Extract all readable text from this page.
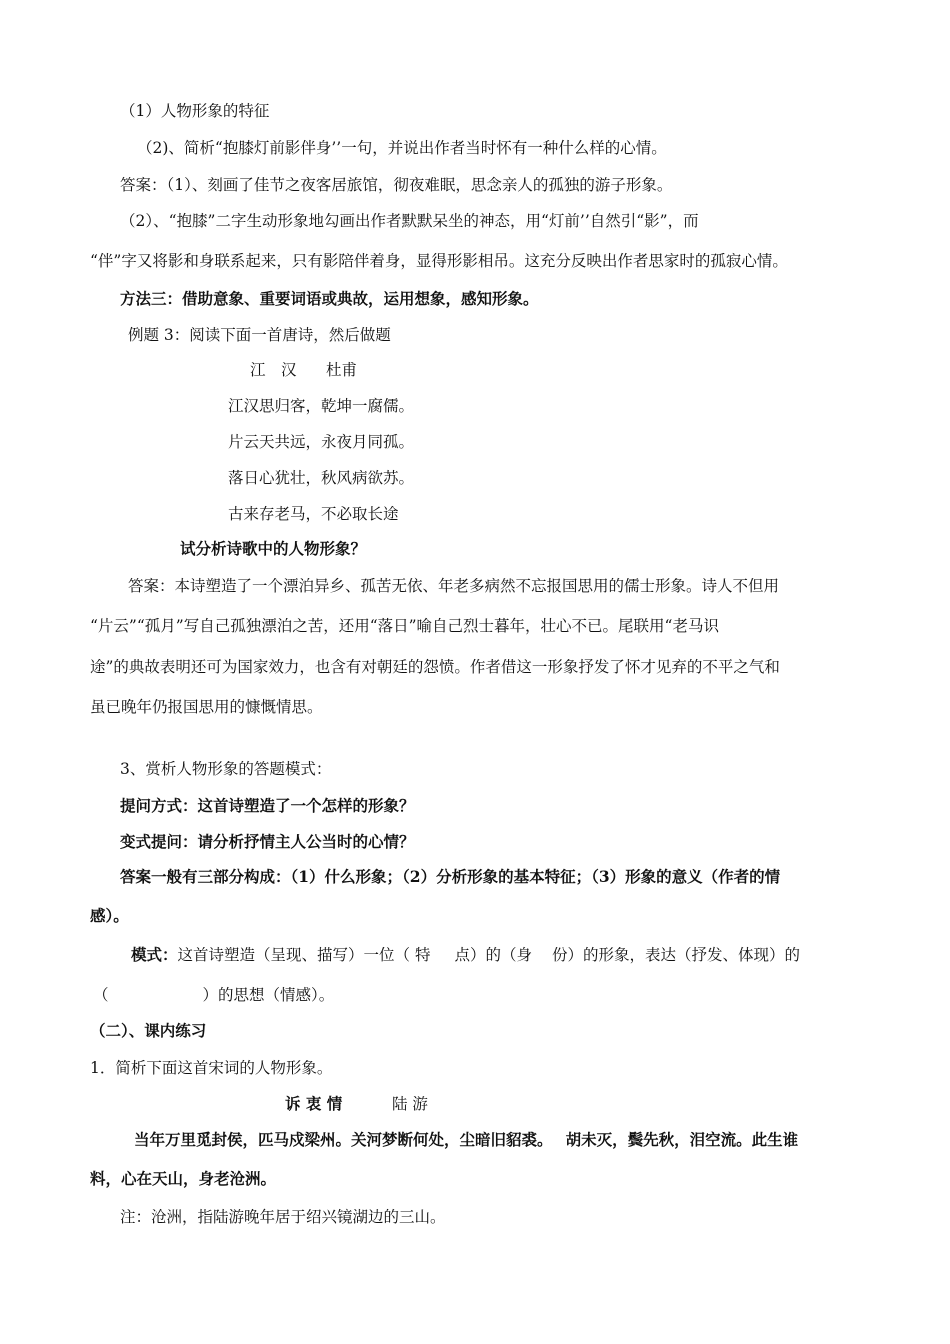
（1）人物形象的特征
（2)、简析“抱膝灯前影伴身’’一句，并说出作者当时怀有一种什么样的心情。
答案：（1）、刻画了佳节之夜客居旅馆，彻夜难眠，思念亲人的孤独的游子形象。
（2）、“抱膝”二字生动形象地勾画出作者默默呆坐的神态，用“灯前’’自然引“影”，而
“伴”字又将影和身联系起来，只有影陪伴着身，显得形影相吊。这充分反映出作者思家时的孤寂心情。
方法三：借助意象、重要词语或典故，运用想象，感知形象。
例题 3：阅读下面一首唐诗，然后做题
江　汉 杜甫
江汉思归客，乾坤一腐儒。
片云天共远，永夜月同孤。
落日心犹壮，秋风病欲苏。
古来存老马，不必取长途
试分析诗歌中的人物形象？
答案：本诗塑造了一个漂泊异乡、孤苦无依、年老多病然不忘报国思用的儒士形象。诗人不但用
“片云”“孤月”写自己孤独漂泊之苦，还用“落日”喻自己烈士暮年，壮心不已。尾联用“老马识
途”的典故表明还可为国家效力，也含有对朝廷的怨愤。作者借这一形象抒发了怀才见弃的不平之气和
虽已晚年仍报国思用的慷慨情思。
3、赏析人物形象的答题模式：
提问方式：这首诗塑造了一个怎样的形象？
变式提问：请分析抒情主人公当时的心情？
答案一般有三部分构成：（1）什么形象；（2）分析形象的基本特征；（3）形象的意义（作者的情
感）。
模式：这首诗塑造（呈现、描写）一位（ 特 点）的（身 份）的形象，表达（抒发、体现）的
（	）的思想（情感）。
（二）、课内练习
1．简析下面这首宋词的人物形象。
诉 衷 情	陆 游
当年万里觅封侯，匹马戍梁州。关河梦断何处，尘暗旧貂裘。　 胡未灭，鬓先秋，泪空流。此生谁
料，心在天山，身老沧洲。
注：沧洲，指陆游晚年居于绍兴镜湖边的三山。
